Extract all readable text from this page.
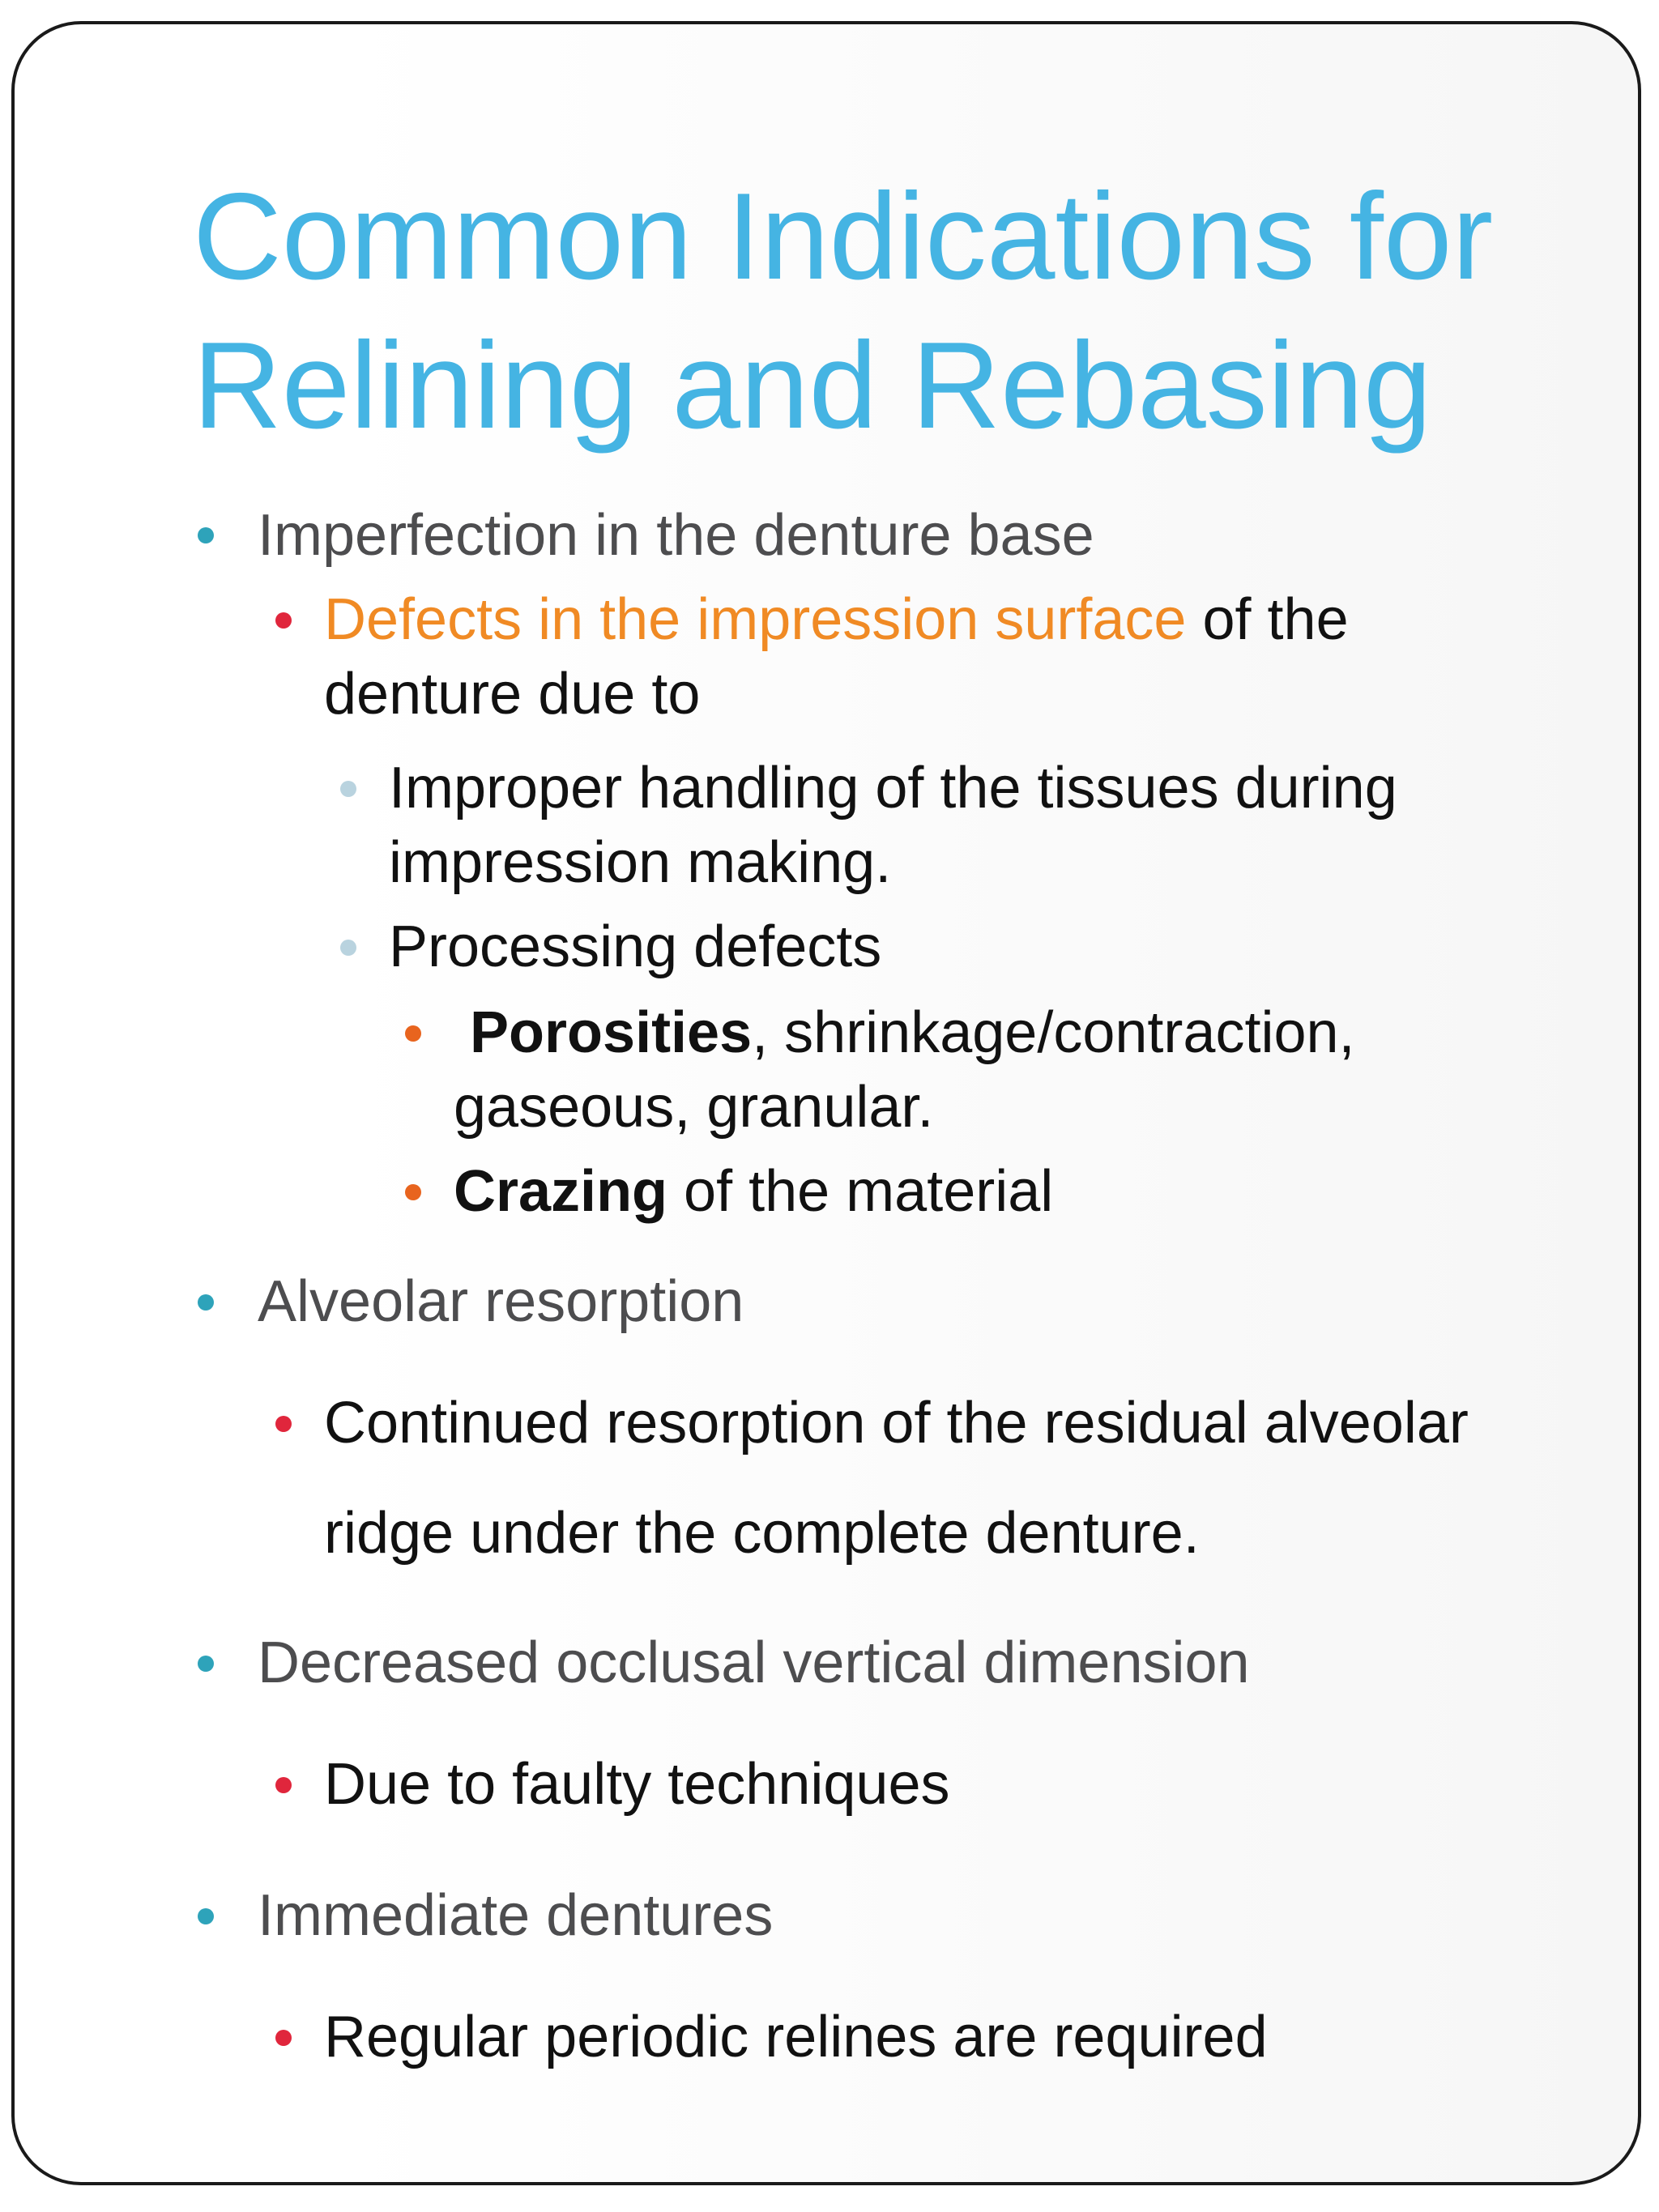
Common Indications for
Relining and Rebasing
Imperfection in the denture base
Defects in the impression surface of the
denture due to
Improper handling of the tissues during
impression making.
Processing defects
Porosities, shrinkage/contraction,
gaseous, granular.
Crazing of the material
Alveolar resorption
Continued resorption of the residual alveolar
ridge under the complete denture.
Decreased occlusal vertical dimension
Due to faulty techniques
Immediate dentures
Regular periodic relines are required
